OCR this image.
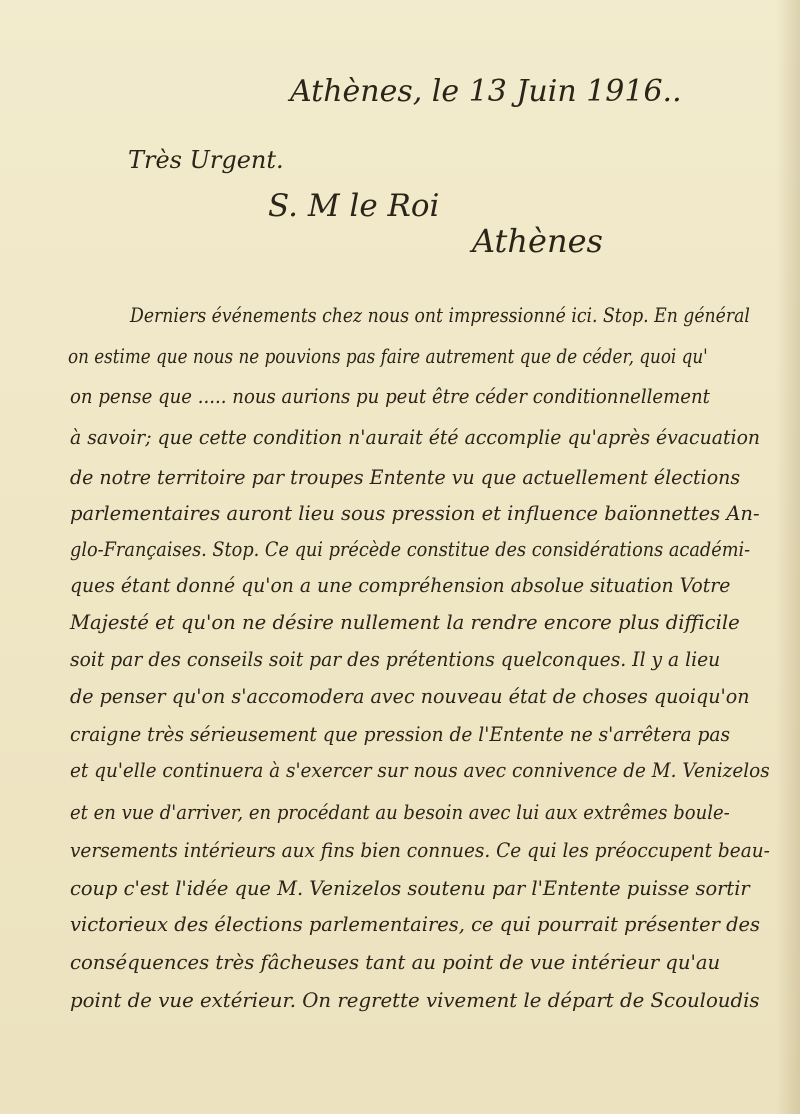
Athènes, le 13 Juin 1916..

Très Urgent.

S. M le Roi

Athènes

Derniers événements chez nous ont impressionné ici. Stop. En général
on estime que nous ne pouvions pas faire autrement que de céder, quoi qu'
on pense que ..... nous aurions pu peut être céder conditionnellement
à savoir; que cette condition n'aurait été accomplie qu'après évacuation
de notre territoire par troupes Entente vu que actuellement élections
parlementaires auront lieu sous pression et influence baïonnettes An-
glo-Françaises. Stop. Ce qui précède constitue des considérations académi-
ques étant donné qu'on a une compréhension absolue situation Votre
Majesté et qu'on ne désire nullement la rendre encore plus difficile
soit par des conseils soit par des prétentions quelconques. Il y a lieu
de penser qu'on s'accomodera avec nouveau état de choses quoiqu'on
craigne très sérieusement que pression de l'Entente ne s'arrêtera pas
et qu'elle continuera à s'exercer sur nous avec connivence de M. Venizelos
et en vue d'arriver, en procédant au besoin avec lui aux extrêmes boule-
versements intérieurs aux fins bien connues. Ce qui les préoccupent beau-
coup c'est l'idée que M. Venizelos soutenu par l'Entente puisse sortir
victorieux des élections parlementaires, ce qui pourrait présenter des
conséquences très fâcheuses tant au point de vue intérieur qu'au
point de vue extérieur. On regrette vivement le départ de Scouloudis
